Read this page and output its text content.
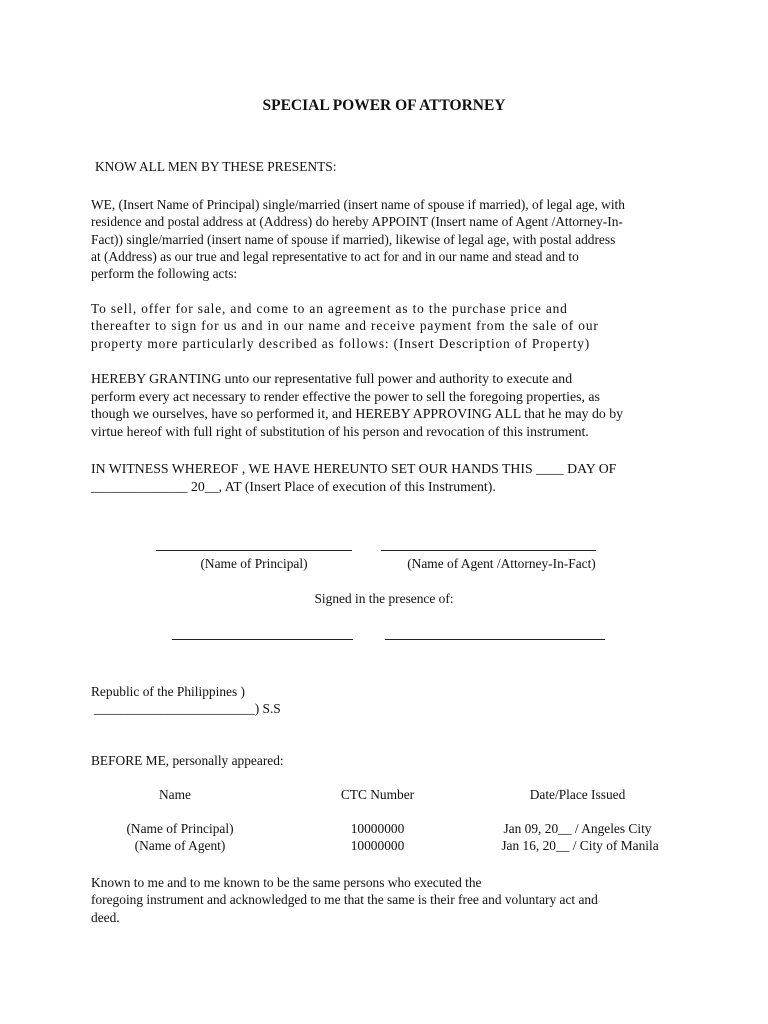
SPECIAL POWER OF ATTORNEY
KNOW ALL MEN BY THESE PRESENTS:
WE, (Insert Name of Principal) single/married (insert name of spouse if married), of legal age, with
residence and postal address at (Address) do hereby APPOINT (Insert name of Agent /Attorney-In-
Fact)) single/married (insert name of spouse if married), likewise of legal age, with postal address
at (Address) as our true and legal representative to act for and in our name and stead and to
perform the following acts:
To sell, offer for sale, and come to an agreement as to the purchase price and
thereafter to sign for us and in our name and receive payment from the sale of our
property more particularly described as follows: (Insert Description of Property)
HEREBY GRANTING unto our representative full power and authority to execute and
perform every act necessary to render effective the power to sell the foregoing properties, as
though we ourselves, have so performed it, and HEREBY APPROVING ALL that he may do by
virtue hereof with full right of substitution of his person and revocation of this instrument.
IN WITNESS WHEREOF , WE HAVE HEREUNTO SET OUR HANDS THIS ____ DAY OF
______________ 20__, AT (Insert Place of execution of this Instrument).
(Name of Principal)	(Name of Agent /Attorney-In-Fact)
Signed in the presence of:
Republic of the Philippines )
________________________) S.S
BEFORE ME, personally appeared:
Name	CTC Number	Date/Place Issued
(Name of Principal)	10000000	Jan 09, 20__ / Angeles City
(Name of Agent)	10000000	Jan 16, 20__ / City of Manila
Known to me and to me known to be the same persons who executed the
foregoing instrument and acknowledged to me that the same is their free and voluntary act and
deed.
